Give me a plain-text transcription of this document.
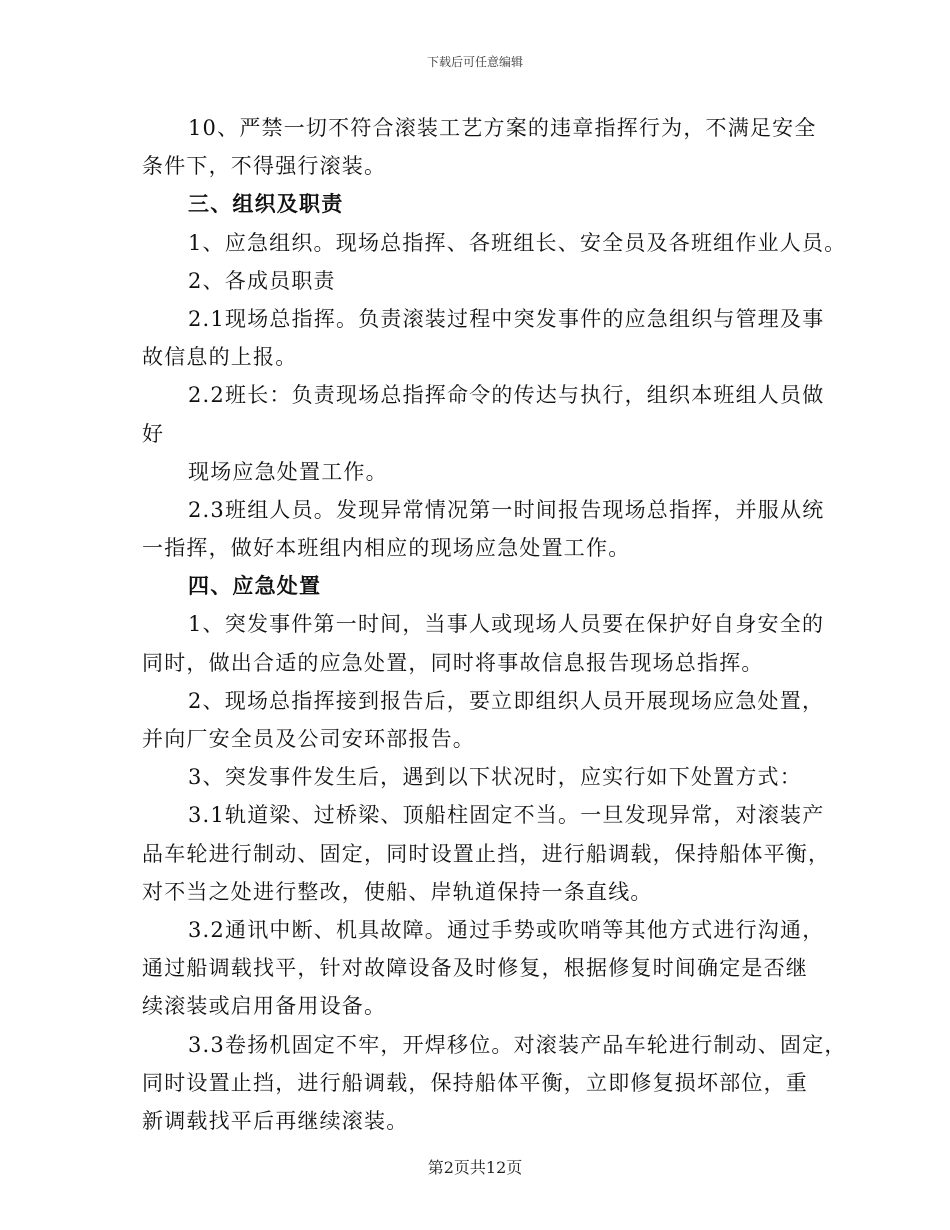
下载后可任意编辑
10、严禁一切不符合滚装工艺方案的违章指挥行为，不满足安全
条件下，不得强行滚装。
三、组织及职责
1、应急组织。现场总指挥、各班组长、安全员及各班组作业人员。
2、各成员职责
2.1现场总指挥。负责滚装过程中突发事件的应急组织与管理及事
故信息的上报。
2.2班长：负责现场总指挥命令的传达与执行，组织本班组人员做
好
现场应急处置工作。
2.3班组人员。发现异常情况第一时间报告现场总指挥，并服从统
一指挥，做好本班组内相应的现场应急处置工作。
四、应急处置
1、突发事件第一时间，当事人或现场人员要在保护好自身安全的
同时，做出合适的应急处置，同时将事故信息报告现场总指挥。
2、现场总指挥接到报告后，要立即组织人员开展现场应急处置，
并向厂安全员及公司安环部报告。
3、突发事件发生后，遇到以下状况时，应实行如下处置方式：
3.1轨道梁、过桥梁、顶船柱固定不当。一旦发现异常，对滚装产
品车轮进行制动、固定，同时设置止挡，进行船调载，保持船体平衡，
对不当之处进行整改，使船、岸轨道保持一条直线。
3.2通讯中断、机具故障。通过手势或吹哨等其他方式进行沟通，
通过船调载找平，针对故障设备及时修复，根据修复时间确定是否继
续滚装或启用备用设备。
3.3卷扬机固定不牢，开焊移位。对滚装产品车轮进行制动、固定，
同时设置止挡，进行船调载，保持船体平衡，立即修复损坏部位，重
新调载找平后再继续滚装。
第2页共12页
